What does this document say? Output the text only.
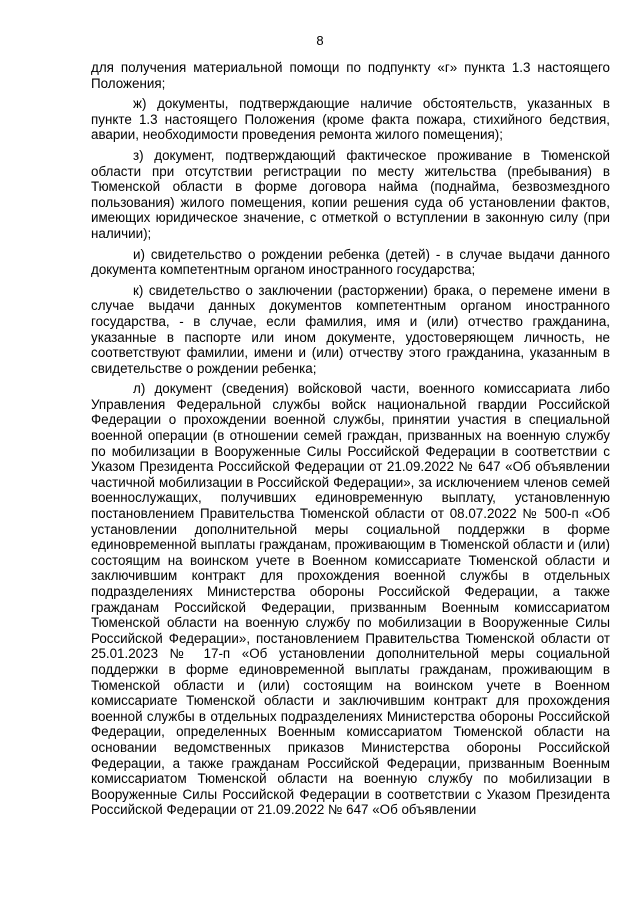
8

для получения материальной помощи по подпункту «г» пункта 1.3 настоящего Положения;

ж) документы, подтверждающие наличие обстоятельств, указанных в пункте 1.3 настоящего Положения (кроме факта пожара, стихийного бедствия, аварии, необходимости проведения ремонта жилого помещения);

з) документ, подтверждающий фактическое проживание в Тюменской области при отсутствии регистрации по месту жительства (пребывания) в Тюменской области в форме договора найма (поднайма, безвозмездного пользования) жилого помещения, копии решения суда об установлении фактов, имеющих юридическое значение, с отметкой о вступлении в законную силу (при наличии);

и) свидетельство о рождении ребенка (детей) - в случае выдачи данного документа компетентным органом иностранного государства;

к) свидетельство о заключении (расторжении) брака, о перемене имени в случае выдачи данных документов компетентным органом иностранного государства, - в случае, если фамилия, имя и (или) отчество гражданина, указанные в паспорте или ином документе, удостоверяющем личность, не соответствуют фамилии, имени и (или) отчеству этого гражданина, указанным в свидетельстве о рождении ребенка;

л) документ (сведения) войсковой части, военного комиссариата либо Управления Федеральной службы войск национальной гвардии Российской Федерации о прохождении военной службы, принятии участия в специальной военной операции (в отношении семей граждан, призванных на военную службу по мобилизации в Вооруженные Силы Российской Федерации в соответствии с Указом Президента Российской Федерации от 21.09.2022 № 647 «Об объявлении частичной мобилизации в Российской Федерации», за исключением членов семей военнослужащих, получивших единовременную выплату, установленную постановлением Правительства Тюменской области от 08.07.2022 № 500-п «Об установлении дополнительной меры социальной поддержки в форме единовременной выплаты гражданам, проживающим в Тюменской области и (или) состоящим на воинском учете в Военном комиссариате Тюменской области и заключившим контракт для прохождения военной службы в отдельных подразделениях Министерства обороны Российской Федерации, а также гражданам Российской Федерации, призванным Военным комиссариатом Тюменской области на военную службу по мобилизации в Вооруженные Силы Российской Федерации», постановлением Правительства Тюменской области от 25.01.2023 № 17-п «Об установлении дополнительной меры социальной поддержки в форме единовременной выплаты гражданам, проживающим в Тюменской области и (или) состоящим на воинском учете в Военном комиссариате Тюменской области и заключившим контракт для прохождения военной службы в отдельных подразделениях Министерства обороны Российской Федерации, определенных Военным комиссариатом Тюменской области на основании ведомственных приказов Министерства обороны Российской Федерации, а также гражданам Российской Федерации, призванным Военным комиссариатом Тюменской области на военную службу по мобилизации в Вооруженные Силы Российской Федерации в соответствии с Указом Президента Российской Федерации от 21.09.2022 № 647 «Об объявлении
